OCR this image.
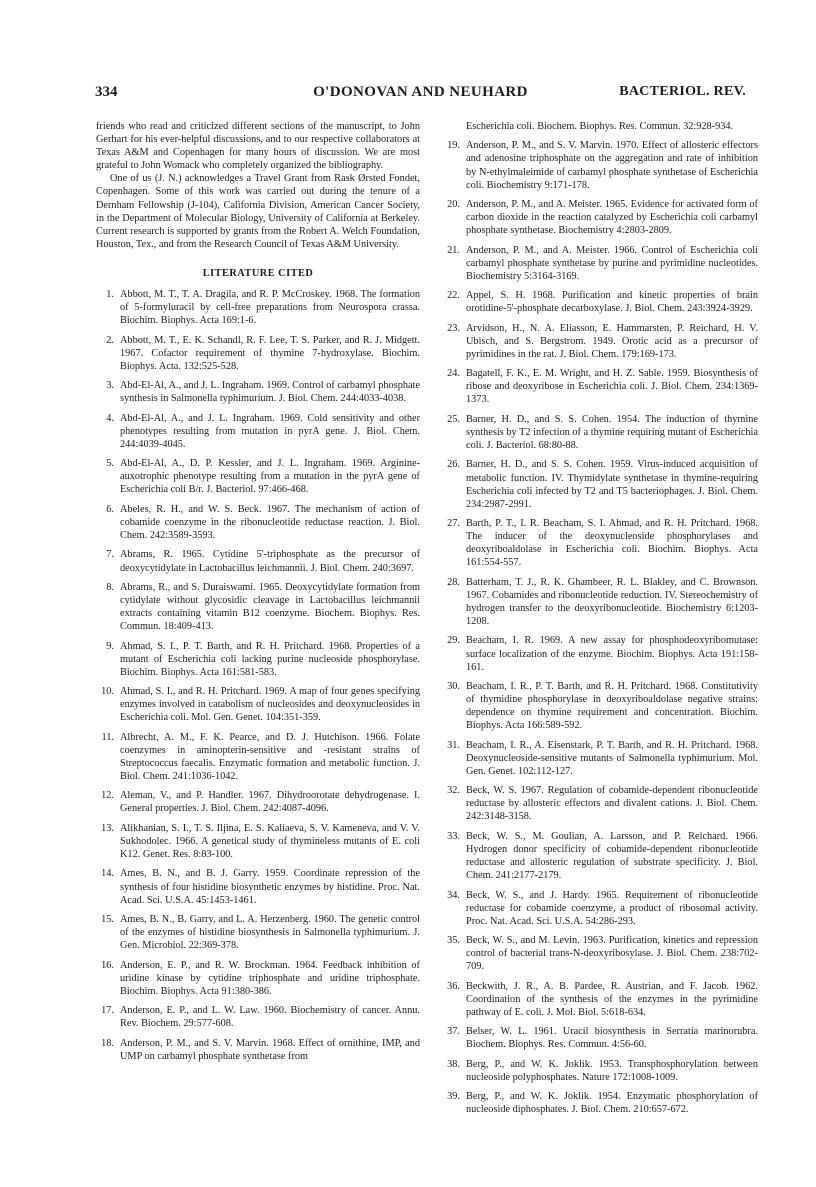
334	O'DONOVAN AND NEUHARD	BACTERIOL. REV.

friends who read and criticized different sections of the manuscript, to John Gerhart for his ever-helpful discussions, and to our respective collaborators at Texas A&M and Copenhagen for many hours of discussion. We are most grateful to John Womack who completely organized the bibliography.

One of us (J. N.) acknowledges a Travel Grant from Rask Ørsted Fondet, Copenhagen. Some of this work was carried out during the tenure of a Dernham Fellowship (J-104), California Division, American Cancer Society, in the Department of Molecular Biology, University of California at Berkeley. Current research is supported by grants from the Robert A. Welch Foundation, Houston, Tex., and from the Research Council of Texas A&M University.

LITERATURE CITED
1. Abbott, M. T., T. A. Dragila, and R. P. McCroskey. 1968. The formation of 5-formyluracil by cell-free preparations from Neurospora crassa. Biochim. Biophys. Acta 169:1-6.
2. Abbott, M. T., E. K. Schandl, R. F. Lee, T. S. Parker, and R. J. Midgett. 1967. Cofactor requirement of thymine 7-hydroxylase. Biochim. Biophys. Acta. 132:525-528.
3. Abd-El-Al, A., and J. L. Ingraham. 1969. Control of carbamyl phosphate synthesis in Salmonella typhimurium. J. Biol. Chem. 244:4033-4038.
4. Abd-El-Al, A., and J. L. Ingraham. 1969. Cold sensitivity and other phenotypes resulting from mutation in pyrA gene. J. Biol. Chem. 244:4039-4045.
5. Abd-El-Al, A., D. P. Kessler, and J. L. Ingraham. 1969. Arginine-auxotrophic phenotype resulting from a mutation in the pyrA gene of Escherichia coli B/r. J. Bacteriol. 97:466-468.
6. Abeles, R. H., and W. S. Beck. 1967. The mechanism of action of cobamide coenzyme in the ribonucleotide reductase reaction. J. Biol. Chem. 242:3589-3593.
7. Abrams, R. 1965. Cytidine 5'-triphosphate as the precursor of deoxycytidylate in Lactobacillus leichmannii. J. Biol. Chem. 240:3697.
8. Abrams, R., and S. Duraiswami. 1965. Deoxycytidylate formation from cytidylate without glycosidic cleavage in Lactobacillus leichmannii extracts containing vitamin B12 coenzyme. Biochem. Biophys. Res. Commun. 18:409-413.
9. Ahmad, S. I., P. T. Barth, and R. H. Pritchard. 1968. Properties of a mutant of Escherichia coli lacking purine nucleoside phosphorylase. Biochim. Biophys. Acta 161:581-583.
10. Ahmad, S. I., and R. H. Pritchard. 1969. A map of four genes specifying enzymes involved in catabolism of nucleosides and deoxynucleosides in Escherichia coli. Mol. Gen. Genet. 104:351-359.
11. Albrecht, A. M., F. K. Pearce, and D. J. Hutchison. 1966. Folate coenzymes in aminopterin-sensitive and -resistant strains of Streptococcus faecalis. Enzymatic formation and metabolic function. J. Biol. Chem. 241:1036-1042.
12. Aleman, V., and P. Handler. 1967. Dihydroorotate dehydrogenase. I. General properties. J. Biol. Chem. 242:4087-4096.
13. Alikhanian, S. I., T. S. Iljina, E. S. Kaliaeva, S. V. Kameneva, and V. V. Sukhodolec. 1966. A genetical study of thymineless mutants of E. coli K12. Genet. Res. 8:83-100.
14. Ames, B. N., and B. J. Garry. 1959. Coordinate repression of the synthesis of four histidine biosynthetic enzymes by histidine. Proc. Nat. Acad. Sci. U.S.A. 45:1453-1461.
15. Ames, B. N., B. Garry, and L. A. Herzenberg. 1960. The genetic control of the enzymes of histidine biosynthesis in Salmonella typhimurium. J. Gen. Microbiol. 22:369-378.
16. Anderson, E. P., and R. W. Brockman. 1964. Feedback inhibition of uridine kinase by cytidine triphosphate and uridine triphosphate. Biochim. Biophys. Acta 91:380-386.
17. Anderson, E. P., and L. W. Law. 1960. Biochemistry of cancer. Annu. Rev. Biochem. 29:577-608.
18. Anderson, P. M., and S. V. Marvin. 1968. Effect of ornithine, IMP, and UMP on carbamyl phosphate synthetase from
Escherichia coli. Biochem. Biophys. Res. Commun. 32:928-934.
19. Anderson, P. M., and S. V. Marvin. 1970. Effect of allosteric effectors and adenosine triphosphate on the aggregation and rate of inhibition by N-ethylmaleimide of carbamyl phosphate synthetase of Escherichia coli. Biochemistry 9:171-178.
20. Anderson, P. M., and A. Meister. 1965. Evidence for activated form of carbon dioxide in the reaction catalyzed by Escherichia coli carbamyl phosphate synthetase. Biochemistry 4:2803-2809.
21. Anderson, P. M., and A. Meister. 1966. Control of Escherichia coli carbamyl phosphate synthetase by purine and pyrimidine nucleotides. Biochemistry 5:3164-3169.
22. Appel, S. H. 1968. Purification and kinetic properties of brain orotidine-5'-phosphate decarboxylase. J. Biol. Chem. 243:3924-3929.
23. Arvidson, H., N. A. Eliasson, E. Hammarsten, P. Reichard, H. V. Ubisch, and S. Bergstrom. 1949. Orotic acid as a precursor of pyrimidines in the rat. J. Biol. Chem. 179:169-173.
24. Bagatell, F. K., E. M. Wright, and H. Z. Sable. 1959. Biosynthesis of ribose and deoxyribose in Escherichia coli. J. Biol. Chem. 234:1369-1373.
25. Barner, H. D., and S. S. Cohen. 1954. The induction of thymine synthesis by T2 infection of a thymine requiring mutant of Escherichia coli. J. Bacteriol. 68:80-88.
26. Barner, H. D., and S. S. Cohen. 1959. Virus-induced acquisition of metabolic function. IV. Thymidylate synthetase in thymine-requiring Escherichia coli infected by T2 and T5 bacteriophages. J. Biol. Chem. 234:2987-2991.
27. Barth, P. T., I. R. Beacham, S. I. Ahmad, and R. H. Pritchard. 1968. The inducer of the deoxynucleoside phosphorylases and deoxyriboaldolase in Escherichia coli. Biochim. Biophys. Acta 161:554-557.
28. Batterham, T. J., R. K. Ghambeer, R. L. Blakley, and C. Brownson. 1967. Cobamides and ribonucleotide reduction. IV. Stereochemistry of hydrogen transfer to the deoxyribonucleotide. Biochemistry 6:1203-1208.
29. Beacham, I. R. 1969. A new assay for phosphodeoxyribomutase: surface localization of the enzyme. Biochim. Biophys. Acta 191:158-161.
30. Beacham, I. R., P. T. Barth, and R. H. Pritchard. 1968. Constitutivity of thymidine phosphorylase in deoxyriboaldolase negative strains: dependence on thymine requirement and concentration. Biochim. Biophys. Acta 166:589-592.
31. Beacham, I. R., A. Eisenstark, P. T. Barth, and R. H. Pritchard. 1968. Deoxynucleoside-sensitive mutants of Salmonella typhimurium. Mol. Gen. Genet. 102:112-127.
32. Beck, W. S. 1967. Regulation of cobamide-dependent ribonucleotide reductase by allosteric effectors and divalent cations. J. Biol. Chem. 242:3148-3158.
33. Beck, W. S., M. Goulian, A. Larsson, and P. Reichard. 1966. Hydrogen donor specificity of cobamide-dependent ribonucleotide reductase and allosteric regulation of substrate specificity. J. Biol. Chem. 241:2177-2179.
34. Beck, W. S., and J. Hardy. 1965. Requirement of ribonucleotide reductase for cobamide coenzyme, a product of ribosomal activity. Proc. Nat. Acad. Sci. U.S.A. 54:286-293.
35. Beck, W. S., and M. Levin. 1963. Purification, kinetics and repression control of bacterial trans-N-deoxyribosylase. J. Biol. Chem. 238:702-709.
36. Beckwith, J. R., A. B. Pardee, R. Austrian, and F. Jacob. 1962. Coordination of the synthesis of the enzymes in the pyrimidine pathway of E. coli. J. Mol. Biol. 5:618-634.
37. Belser, W. L. 1961. Uracil biosynthesis in Serratia marinorubra. Biochem. Biophys. Res. Commun. 4:56-60.
38. Berg, P., and W. K. Joklik. 1953. Transphosphorylation between nucleoside polyphosphates. Nature 172:1008-1009.
39. Berg, P., and W. K. Joklik. 1954. Enzymatic phosphorylation of nucleoside diphosphates. J. Biol. Chem. 210:657-672.
